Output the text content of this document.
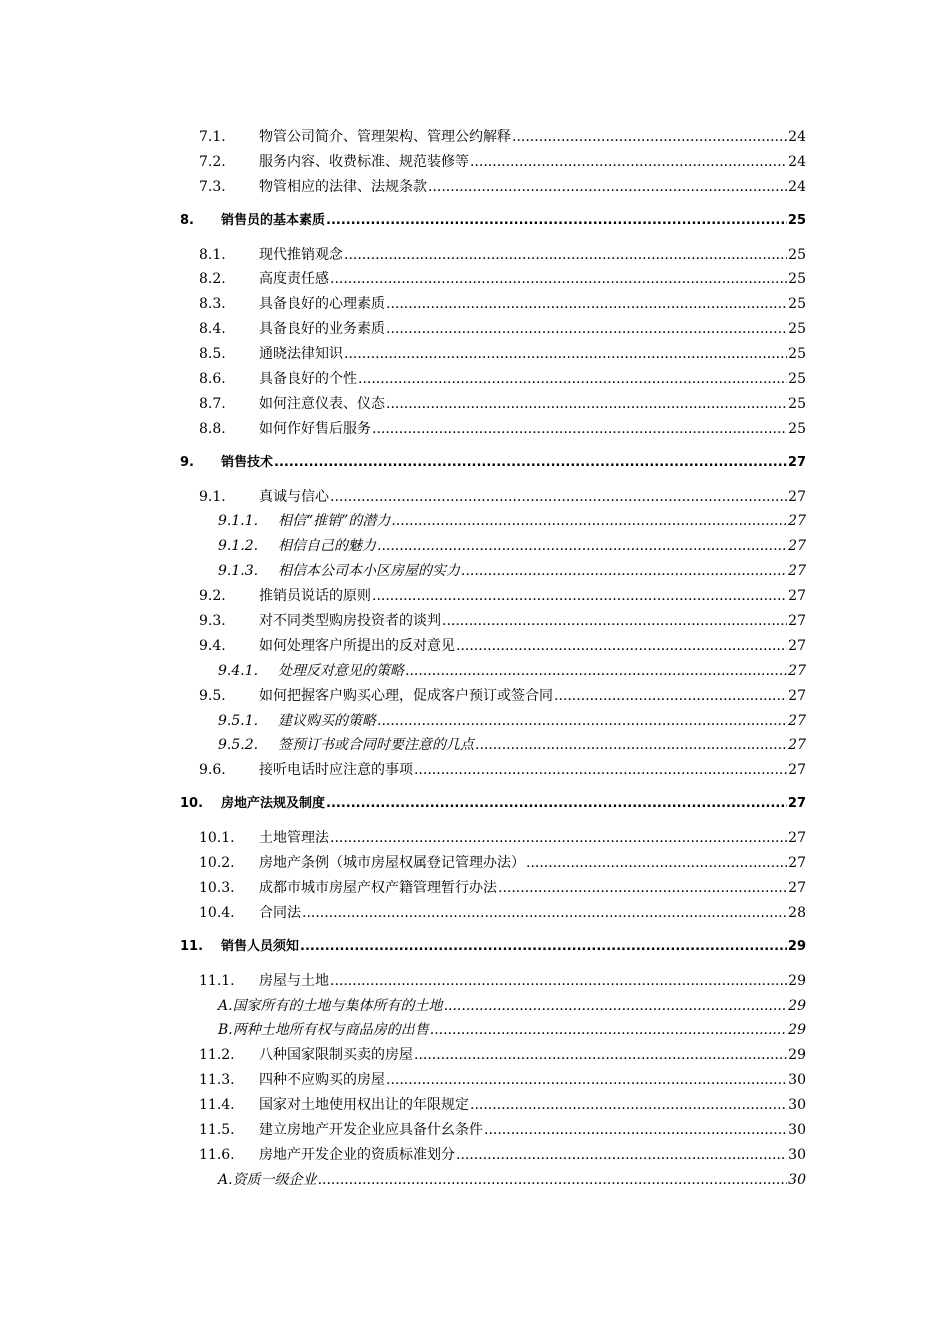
7.1.	物管公司简介、管理架构、管理公约解释 .....	24
7.2.	服务内容、收费标准、规范装修等 .....	24
7.3.	物管相应的法律、法规条款 .....	24
8.	销售员的基本素质 .....	25
8.1.	现代推销观念 .....	25
8.2.	高度责任感 .....	25
8.3.	具备良好的心理素质 .....	25
8.4.	具备良好的业务素质 .....	25
8.5.	通晓法律知识 .....	25
8.6.	具备良好的个性 .....	25
8.7.	如何注意仪表、仪态 .....	25
8.8.	如何作好售后服务 .....	25
9.	销售技术 .....	27
9.1.	真诚与信心 .....	27
9.1.1.	相信“推销”的潜力 .....	27
9.1.2.	相信自己的魅力 .....	27
9.1.3.	相信本公司本小区房屋的实力 .....	27
9.2.	推销员说话的原则 .....	27
9.3.	对不同类型购房投资者的谈判 .....	27
9.4.	如何处理客户所提出的反对意见 .....	27
9.4.1.	处理反对意见的策略 .....	27
9.5.	如何把握客户购买心理，促成客户预订或签合同 .....	27
9.5.1.	建议购买的策略 .....	27
9.5.2.	签预订书或合同时要注意的几点 .....	27
9.6.	接听电话时应注意的事项 .....	27
10.	房地产法规及制度 .....	27
10.1.	土地管理法 .....	27
10.2.	房地产条例（城市房屋权属登记管理办法） .....	27
10.3.	成都市城市房屋产权产籍管理暂行办法 .....	27
10.4.	合同法 .....	28
11.	销售人员须知 .....	29
11.1.	房屋与土地 .....	29
A. 国家所有的土地与集体所有的土地 .....	29
B. 两种土地所有权与商品房的出售 .....	29
11.2.	八种国家限制买卖的房屋 .....	29
11.3.	四种不应购买的房屋 .....	30
11.4.	国家对土地使用权出让的年限规定 .....	30
11.5.	建立房地产开发企业应具备什幺条件 .....	30
11.6.	房地产开发企业的资质标准划分 .....	30
A. 资质一级企业 .....	30
